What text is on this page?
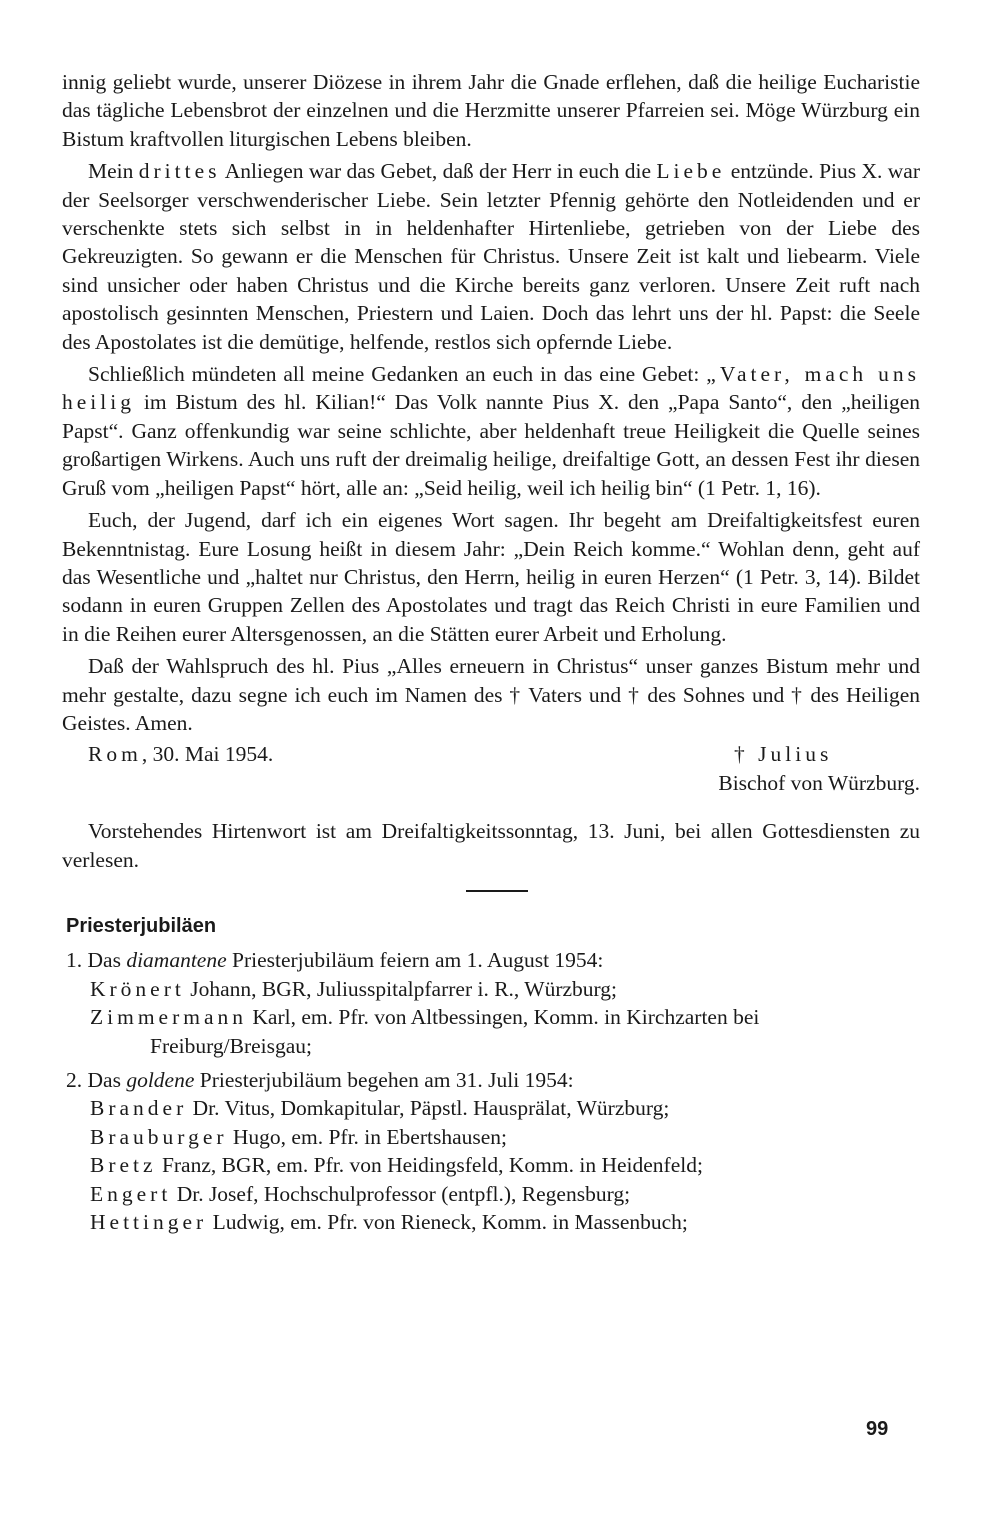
innig geliebt wurde, unserer Diözese in ihrem Jahr die Gnade erflehen, daß die heilige Eucharistie das tägliche Lebensbrot der einzelnen und die Herzmitte unserer Pfarreien sei. Möge Würzburg ein Bistum kraftvollen liturgischen Lebens bleiben.

Mein drittes Anliegen war das Gebet, daß der Herr in euch die Liebe entzünde. Pius X. war der Seelsorger verschwenderischer Liebe. Sein letzter Pfennig gehörte den Notleidenden und er verschenkte stets sich selbst in in heldenhafter Hirtenliebe, getrieben von der Liebe des Gekreuzigten. So gewann er die Menschen für Christus. Unsere Zeit ist kalt und liebearm. Viele sind unsicher oder haben Christus und die Kirche bereits ganz verloren. Unsere Zeit ruft nach apostolisch gesinnten Menschen, Priestern und Laien. Doch das lehrt uns der hl. Papst: die Seele des Apostolates ist die demütige, helfende, restlos sich opfernde Liebe.

Schließlich mündeten all meine Gedanken an euch in das eine Gebet: „Vater, mach uns heilig im Bistum des hl. Kilian!“ Das Volk nannte Pius X. den „Papa Santo“, den „heiligen Papst“. Ganz offenkundig war seine schlichte, aber heldenhaft treue Heiligkeit die Quelle seines großartigen Wirkens. Auch uns ruft der dreimalig heilige, dreifaltige Gott, an dessen Fest ihr diesen Gruß vom „heiligen Papst“ hört, alle an: „Seid heilig, weil ich heilig bin“ (1 Petr. 1, 16).

Euch, der Jugend, darf ich ein eigenes Wort sagen. Ihr begeht am Dreifaltigkeitsfest euren Bekenntnistag. Eure Losung heißt in diesem Jahr: „Dein Reich komme.“ Wohlan denn, geht auf das Wesentliche und „haltet nur Christus, den Herrn, heilig in euren Herzen“ (1 Petr. 3, 14). Bildet sodann in euren Gruppen Zellen des Apostolates und tragt das Reich Christi in eure Familien und in die Reihen eurer Altersgenossen, an die Stätten eurer Arbeit und Erholung.

Daß der Wahlspruch des hl. Pius „Alles erneuern in Christus“ unser ganzes Bistum mehr und mehr gestalte, dazu segne ich euch im Namen des † Vaters und † des Sohnes und † des Heiligen Geistes. Amen.

Rom, 30. Mai 1954.	† Julius
Bischof von Würzburg.

Vorstehendes Hirtenwort ist am Dreifaltigkeitssonntag, 13. Juni, bei allen Gottesdiensten zu verlesen.

Priesterjubiläen
1. Das diamantene Priesterjubiläum feiern am 1. August 1954:

Krönert Johann, BGR, Juliusspitalpfarrer i. R., Würzburg;

Zimmermann Karl, em. Pfr. von Altbessingen, Komm. in Kirchzarten bei Freiburg/Breisgau;

2. Das goldene Priesterjubiläum begehen am 31. Juli 1954:

Brander Dr. Vitus, Domkapitular, Päpstl. Hausprälat, Würzburg;

Brauburger Hugo, em. Pfr. in Ebertshausen;

Bretz Franz, BGR, em. Pfr. von Heidingsfeld, Komm. in Heidenfeld;

Engert Dr. Josef, Hochschulprofessor (entpfl.), Regensburg;

Hettinger Ludwig, em. Pfr. von Rieneck, Komm. in Massenbuch;

99
